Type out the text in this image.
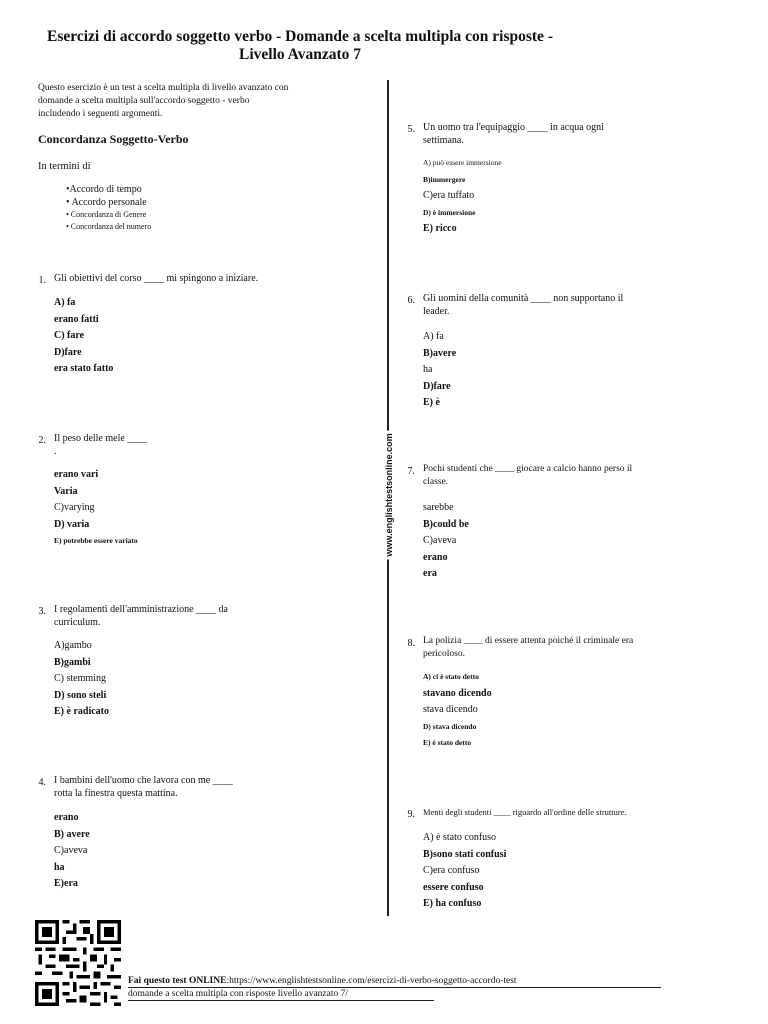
Esercizi di accordo soggetto verbo - Domande a scelta multipla con risposte -
Livello Avanzato 7
Questo esercizio è un test a scelta multipla di livello avanzato con
domande a scelta multipla sull'accordo soggetto - verbo
includendo i seguenti argomenti.
Concordanza Soggetto-Verbo
In termini di
•Accordo di tempo
• Accordo personale
• Concordanza di Genere
• Concordanza del numero
1. Gli obiettivi del corso ____ mi spingono a iniziare.
A) fa
erano fatti
C) fare
D)fare
era stato fatto
2. Il peso delle mele ____
.
erano vari
Varia
C)varying
D) varia
E) potrebbe essere variato
3. I regolamenti dell'amministrazione ____ da
curriculum.
A)gambo
B)gambi
C) stemming
D) sono steli
E) è radicato
4. I bambini dell'uomo che lavora con me ____
rotta la finestra questa mattina.
erano
B) avere
C)aveva
ha
E)era
5. Un uomo tra l'equipaggio ____ in acqua ogni
settimana.
A) può essere immersione
B)immergere
C)era tuffato
D) è immersione
E) ricco
6. Gli uomini della comunità ____ non supportano il
leader.
A) fa
B)avere
ha
D)fare
E) è
7. Pochi studenti che ____ giocare a calcio hanno perso il
classe.
sarebbe
B)could be
C)aveva
erano
era
8. La polizia ____ di essere attenta poiché il criminale era
pericoloso.
A) ci è stato detto
stavano dicendo
stava dicendo
D) stava dicendo
E) è stato detto
9. Menti degli studenti ____ riguardo all'ordine delle strutture.
A) è stato confuso
B)sono stati confusi
C)era confuso
essere confuso
E) ha confuso
www.englishtestsonline.com
Fai questo test ONLINE:https://www.englishtestsonline.com/esercizi-di-verbo-soggetto-accordo-test
domande a scelta multipla con risposte livello avanzato 7/
